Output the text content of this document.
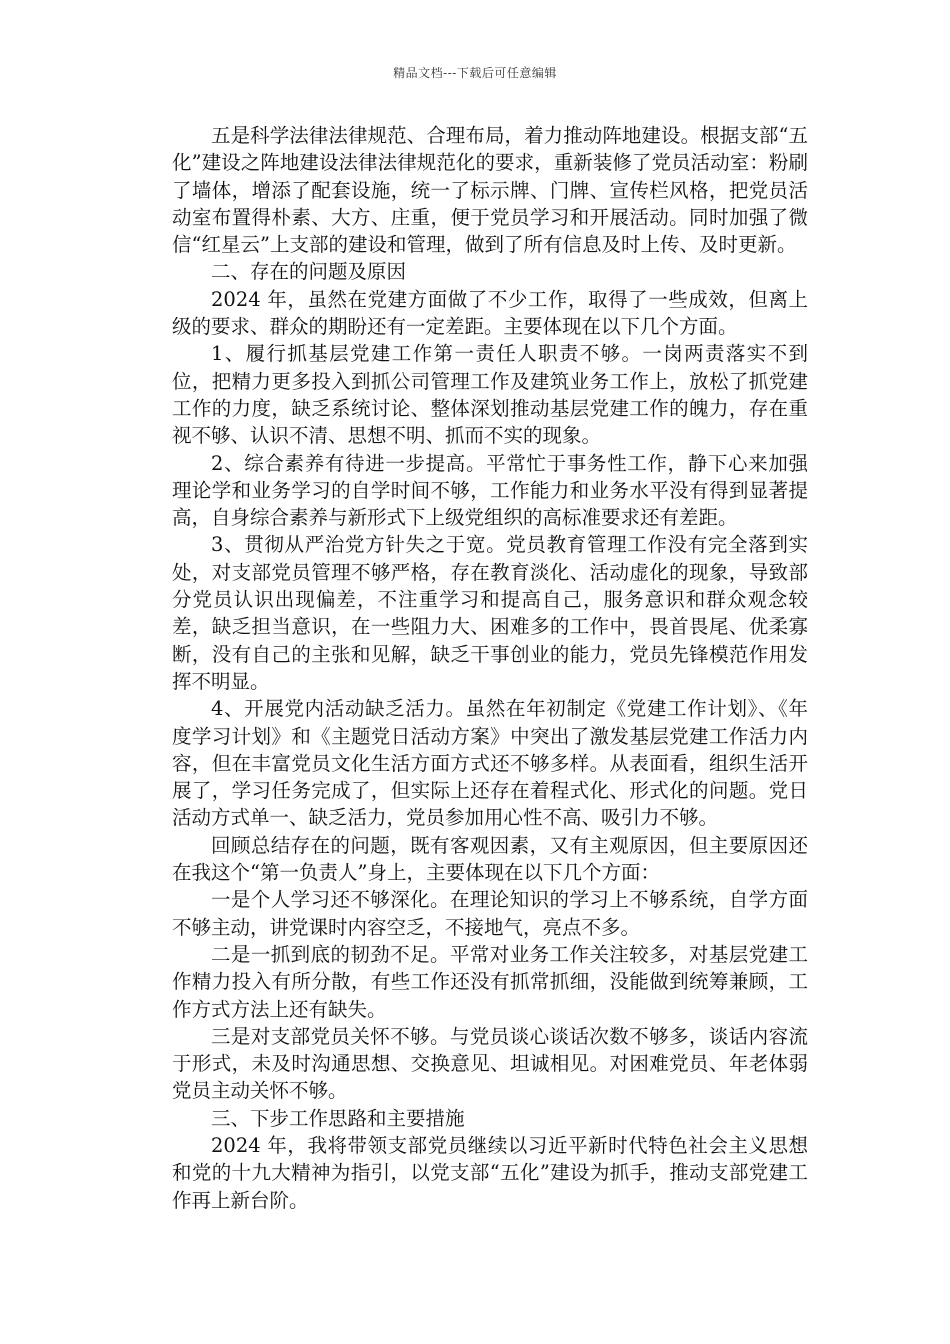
精品文档---下载后可任意编辑

五是科学法律法律规范、合理布局，着力推动阵地建设。根据支部“五化”建设之阵地建设法律法律规范化的要求，重新装修了党员活动室：粉刷了墙体，增添了配套设施，统一了标示牌、门牌、宣传栏风格，把党员活动室布置得朴素、大方、庄重，便于党员学习和开展活动。同时加强了微信“红星云”上支部的建设和管理，做到了所有信息及时上传、及时更新。

二、存在的问题及原因

2024 年，虽然在党建方面做了不少工作，取得了一些成效，但离上级的要求、群众的期盼还有一定差距。主要体现在以下几个方面。

1、履行抓基层党建工作第一责任人职责不够。一岗两责落实不到位，把精力更多投入到抓公司管理工作及建筑业务工作上，放松了抓党建工作的力度，缺乏系统讨论、整体深划推动基层党建工作的魄力，存在重视不够、认识不清、思想不明、抓而不实的现象。

2、综合素养有待进一步提高。平常忙于事务性工作，静下心来加强理论学和业务学习的自学时间不够，工作能力和业务水平没有得到显著提高，自身综合素养与新形式下上级党组织的高标准要求还有差距。

3、贯彻从严治党方针失之于宽。党员教育管理工作没有完全落到实处，对支部党员管理不够严格，存在教育淡化、活动虚化的现象，导致部分党员认识出现偏差，不注重学习和提高自己，服务意识和群众观念较差，缺乏担当意识，在一些阻力大、困难多的工作中，畏首畏尾、优柔寡断，没有自己的主张和见解，缺乏干事创业的能力，党员先锋模范作用发挥不明显。

4、开展党内活动缺乏活力。虽然在年初制定《党建工作计划》、《年度学习计划》和《主题党日活动方案》中突出了激发基层党建工作活力内容，但在丰富党员文化生活方面方式还不够多样。从表面看，组织生活开展了，学习任务完成了，但实际上还存在着程式化、形式化的问题。党日活动方式单一、缺乏活力，党员参加用心性不高、吸引力不够。

回顾总结存在的问题，既有客观因素，又有主观原因，但主要原因还在我这个“第一负责人”身上，主要体现在以下几个方面：

一是个人学习还不够深化。在理论知识的学习上不够系统，自学方面不够主动，讲党课时内容空乏，不接地气，亮点不多。

二是一抓到底的韧劲不足。平常对业务工作关注较多，对基层党建工作精力投入有所分散，有些工作还没有抓常抓细，没能做到统筹兼顾，工作方式方法上还有缺失。

三是对支部党员关怀不够。与党员谈心谈话次数不够多，谈话内容流于形式，未及时沟通思想、交换意见、坦诚相见。对困难党员、年老体弱党员主动关怀不够。

三、下步工作思路和主要措施

2024 年，我将带领支部党员继续以习近平新时代特色社会主义思想和党的十九大精神为指引，以党支部“五化”建设为抓手，推动支部党建工作再上新台阶。
